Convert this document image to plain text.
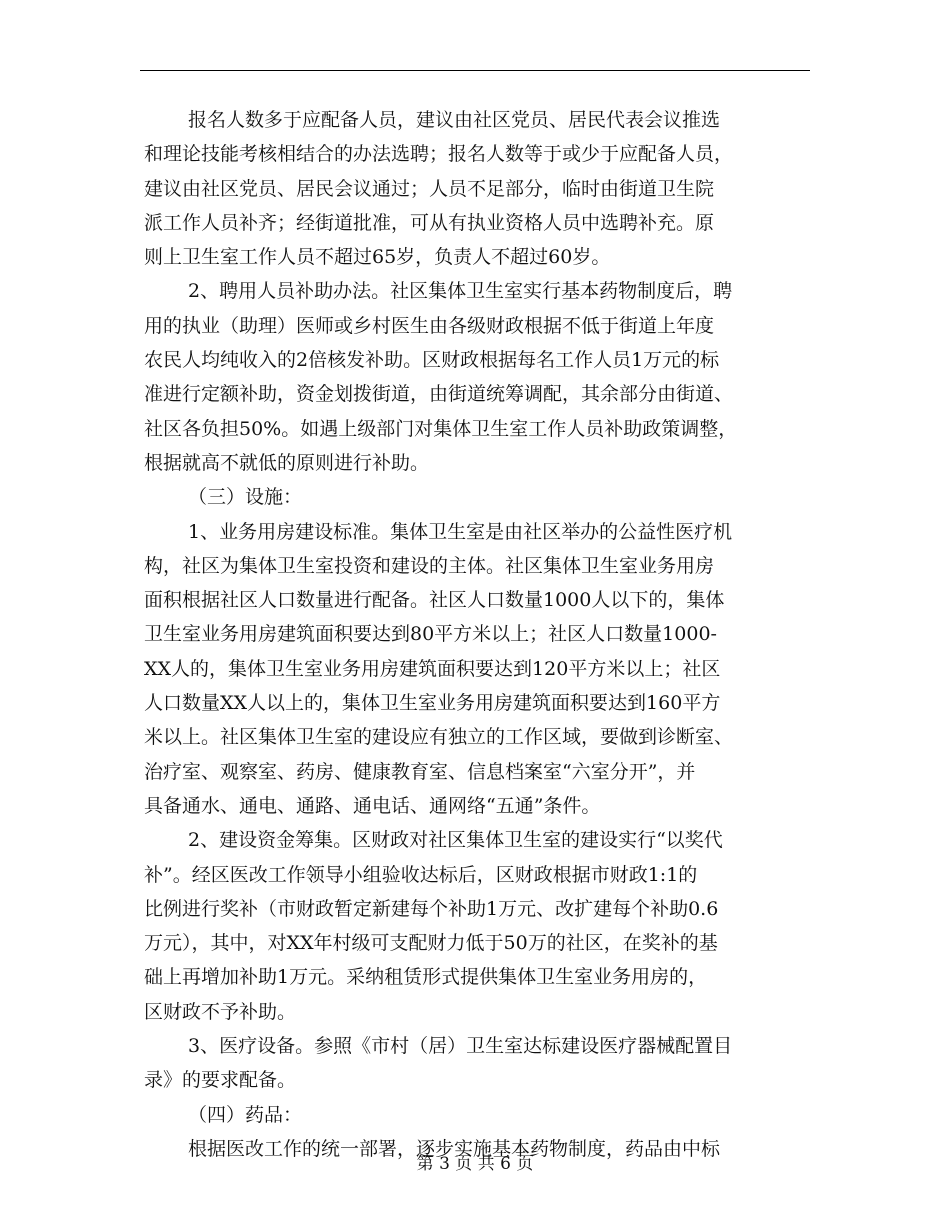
报名人数多于应配备人员，建议由社区党员、居民代表会议推选
和理论技能考核相结合的办法选聘；报名人数等于或少于应配备人员，
建议由社区党员、居民会议通过；人员不足部分，临时由街道卫生院
派工作人员补齐；经街道批准，可从有执业资格人员中选聘补充。原
则上卫生室工作人员不超过65岁，负责人不超过60岁。
2、聘用人员补助办法。社区集体卫生室实行基本药物制度后，聘
用的执业（助理）医师或乡村医生由各级财政根据不低于街道上年度
农民人均纯收入的2倍核发补助。区财政根据每名工作人员1万元的标
准进行定额补助，资金划拨街道，由街道统筹调配，其余部分由街道、
社区各负担50%。如遇上级部门对集体卫生室工作人员补助政策调整，
根据就高不就低的原则进行补助。
（三）设施：
1、业务用房建设标准。集体卫生室是由社区举办的公益性医疗机
构，社区为集体卫生室投资和建设的主体。社区集体卫生室业务用房
面积根据社区人口数量进行配备。社区人口数量1000人以下的，集体
卫生室业务用房建筑面积要达到80平方米以上；社区人口数量1000-
XX人的，集体卫生室业务用房建筑面积要达到120平方米以上；社区
人口数量XX人以上的，集体卫生室业务用房建筑面积要达到160平方
米以上。社区集体卫生室的建设应有独立的工作区域，要做到诊断室、
治疗室、观察室、药房、健康教育室、信息档案室“六室分开”，并
具备通水、通电、通路、通电话、通网络“五通”条件。
2、建设资金筹集。区财政对社区集体卫生室的建设实行“以奖代
补”。经区医改工作领导小组验收达标后，区财政根据市财政1:1的
比例进行奖补（市财政暂定新建每个补助1万元、改扩建每个补助0.6
万元），其中，对XX年村级可支配财力低于50万的社区，在奖补的基
础上再增加补助1万元。采纳租赁形式提供集体卫生室业务用房的，
区财政不予补助。
3、医疗设备。参照《市村（居）卫生室达标建设医疗器械配置目
录》的要求配备。
（四）药品：
根据医改工作的统一部署，逐步实施基本药物制度，药品由中标
第 3 页 共 6 页
